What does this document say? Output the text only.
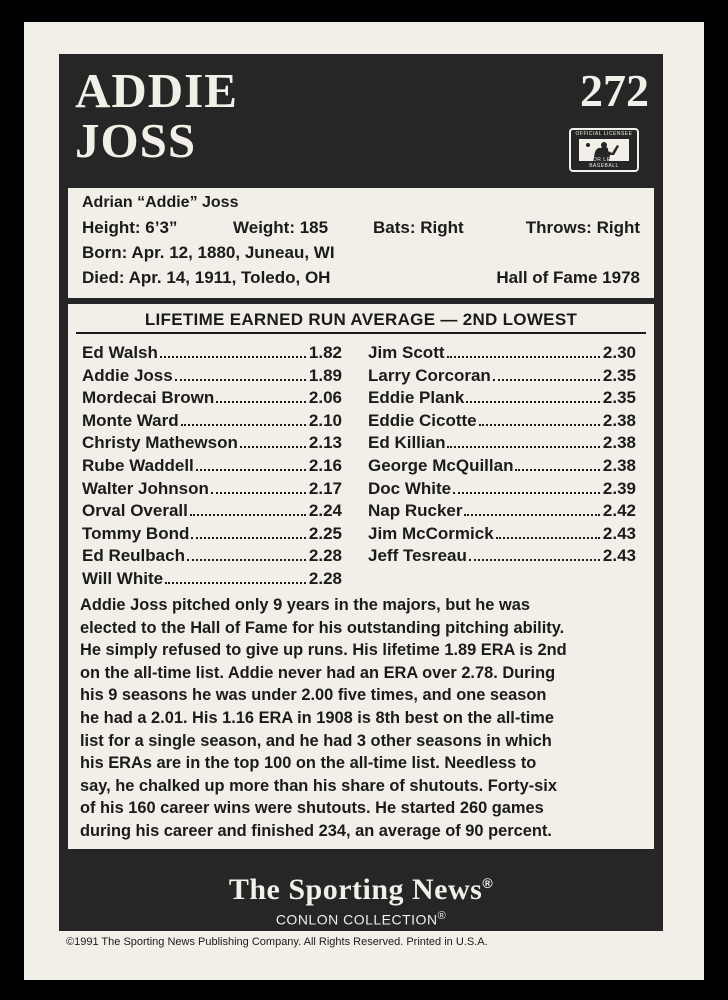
ADDIE
JOSS
272
OFFICIAL LICENSEE
MAJOR LEAGUE BASEBALL
Adrian “Addie” Joss
Height: 6’3”	Weight: 185	Bats: Right	Throws: Right
Born: Apr. 12, 1880, Juneau, WI
Died: Apr. 14, 1911, Toledo, OH	Hall of Fame 1978
LIFETIME EARNED RUN AVERAGE — 2ND LOWEST
Ed Walsh	1.82
Addie Joss	1.89
Mordecai Brown	2.06
Monte Ward	2.10
Christy Mathewson	2.13
Rube Waddell	2.16
Walter Johnson	2.17
Orval Overall	2.24
Tommy Bond	2.25
Ed Reulbach	2.28
Will White	2.28
Jim Scott	2.30
Larry Corcoran	2.35
Eddie Plank	2.35
Eddie Cicotte	2.38
Ed Killian	2.38
George McQuillan	2.38
Doc White	2.39
Nap Rucker	2.42
Jim McCormick	2.43
Jeff Tesreau	2.43
Addie Joss pitched only 9 years in the majors, but he was
elected to the Hall of Fame for his outstanding pitching ability.
He simply refused to give up runs. His lifetime 1.89 ERA is 2nd
on the all-time list. Addie never had an ERA over 2.78. During
his 9 seasons he was under 2.00 five times, and one season
he had a 2.01. His 1.16 ERA in 1908 is 8th best on the all-time
list for a single season, and he had 3 other seasons in which
his ERAs are in the top 100 on the all-time list. Needless to
say, he chalked up more than his share of shutouts. Forty-six
of his 160 career wins were shutouts. He started 260 games
during his career and finished 234, an average of 90 percent.
The Sporting News®
CONLON COLLECTION®
©1991 The Sporting News Publishing Company. All Rights Reserved. Printed in U.S.A.
